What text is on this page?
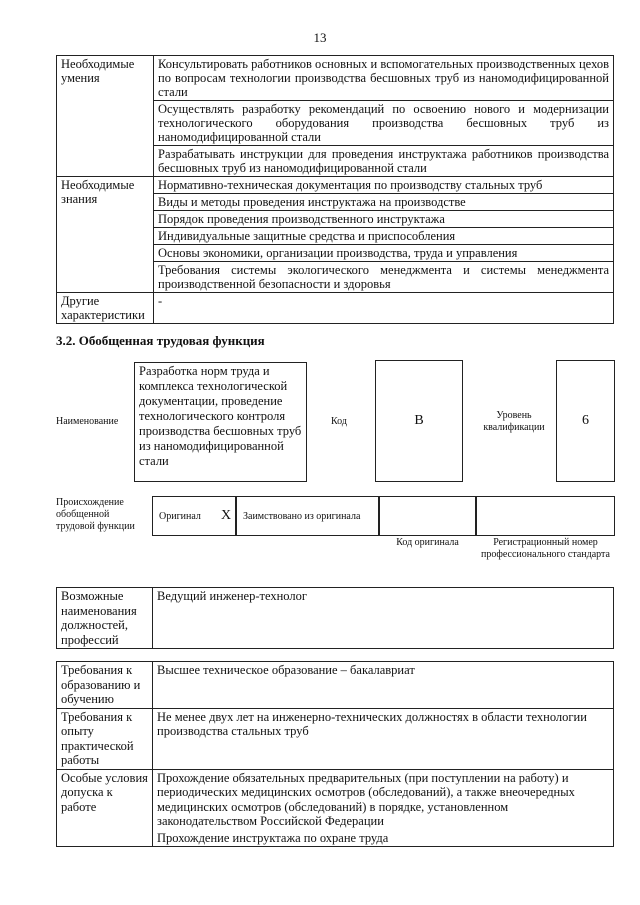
13
Необходимые умения	Консультировать работников основных и вспомогательных производственных цехов по вопросам технологии производства бесшовных труб из наномодифицированной стали
	Осуществлять разработку рекомендаций по освоению нового и модернизации технологического оборудования производства бесшовных труб из наномодифицированной стали
	Разрабатывать инструкции для проведения инструктажа работников производства бесшовных труб из наномодифицированной стали
Необходимые знания	Нормативно-техническая документация по производству стальных труб
	Виды и методы проведения инструктажа на производстве
	Порядок проведения производственного инструктажа
	Индивидуальные защитные средства и приспособления
	Основы экономики, организации производства, труда и управления
	Требования системы экологического менеджмента и системы менеджмента производственной безопасности и здоровья
Другие характеристики	-
3.2. Обобщенная трудовая функция
Наименование
Разработка норм труда и комплекса технологической документации, проведение технологического контроля производства бесшовных труб из наномодифицированной стали
Код	B	Уровень квалификации	6
Происхождение обобщенной трудовой функции
Оригинал X Заимствовано из оригинала
Код оригинала	Регистрационный номер профессионального стандарта
Возможные наименования должностей, профессий	Ведущий инженер-технолог
Требования к образованию и обучению	Высшее техническое образование – бакалавриат
Требования к опыту практической работы	Не менее двух лет на инженерно-технических должностях в области технологии производства стальных труб
Особые условия допуска к работе	Прохождение обязательных предварительных (при поступлении на работу) и периодических медицинских осмотров (обследований), а также внеочередных медицинских осмотров (обследований) в порядке, установленном законодательством Российской Федерации
	Прохождение инструктажа по охране труда
